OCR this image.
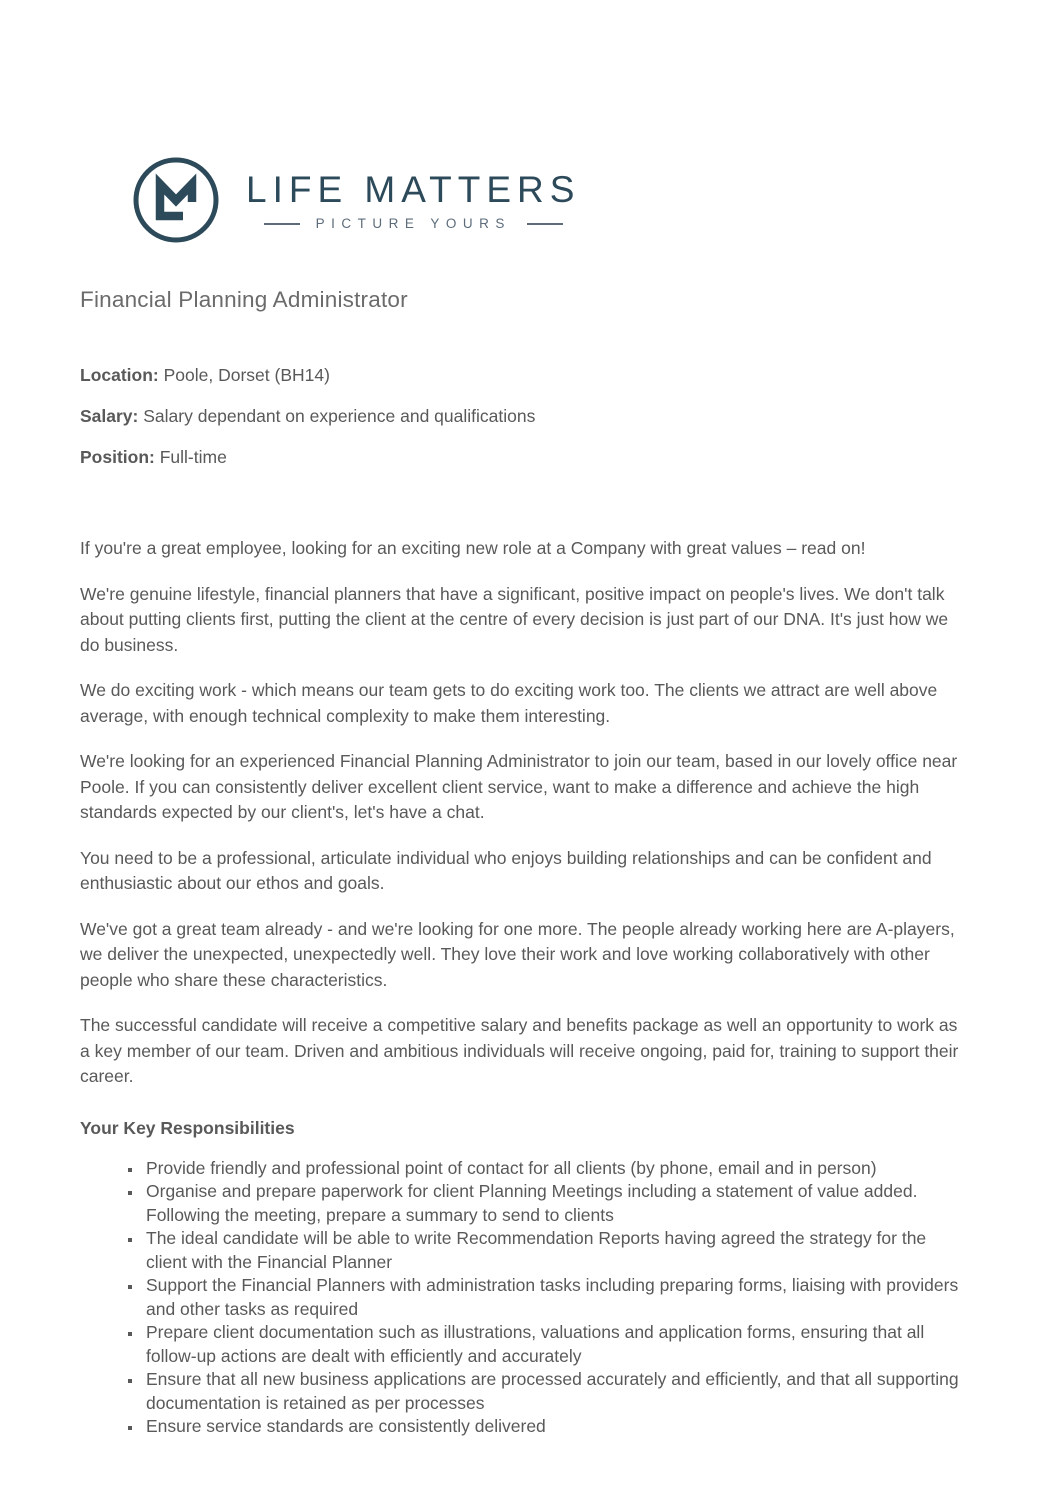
LIFE MATTERS
PICTURE YOURS
Financial Planning Administrator

Location: Poole, Dorset (BH14)

Salary: Salary dependant on experience and qualifications

Position: Full-time

If you're a great employee, looking for an exciting new role at a Company with great values – read on!

We're genuine lifestyle, financial planners that have a significant, positive impact on people's lives. We don't talk about putting clients first, putting the client at the centre of every decision is just part of our DNA. It's just how we do business.

We do exciting work - which means our team gets to do exciting work too. The clients we attract are well above average, with enough technical complexity to make them interesting.

We're looking for an experienced Financial Planning Administrator to join our team, based in our lovely office near Poole. If you can consistently deliver excellent client service, want to make a difference and achieve the high standards expected by our client's, let's have a chat.

You need to be a professional, articulate individual who enjoys building relationships and can be confident and enthusiastic about our ethos and goals.

We've got a great team already - and we're looking for one more. The people already working here are A-players, we deliver the unexpected, unexpectedly well. They love their work and love working collaboratively with other people who share these characteristics.

The successful candidate will receive a competitive salary and benefits package as well an opportunity to work as a key member of our team. Driven and ambitious individuals will receive ongoing, paid for, training to support their career.

Your Key Responsibilities
▪ Provide friendly and professional point of contact for all clients (by phone, email and in person)
▪ Organise and prepare paperwork for client Planning Meetings including a statement of value added. Following the meeting, prepare a summary to send to clients
▪ The ideal candidate will be able to write Recommendation Reports having agreed the strategy for the client with the Financial Planner
▪ Support the Financial Planners with administration tasks including preparing forms, liaising with providers and other tasks as required
▪ Prepare client documentation such as illustrations, valuations and application forms, ensuring that all follow-up actions are dealt with efficiently and accurately
▪ Ensure that all new business applications are processed accurately and efficiently, and that all supporting documentation is retained as per processes
▪ Ensure service standards are consistently delivered
